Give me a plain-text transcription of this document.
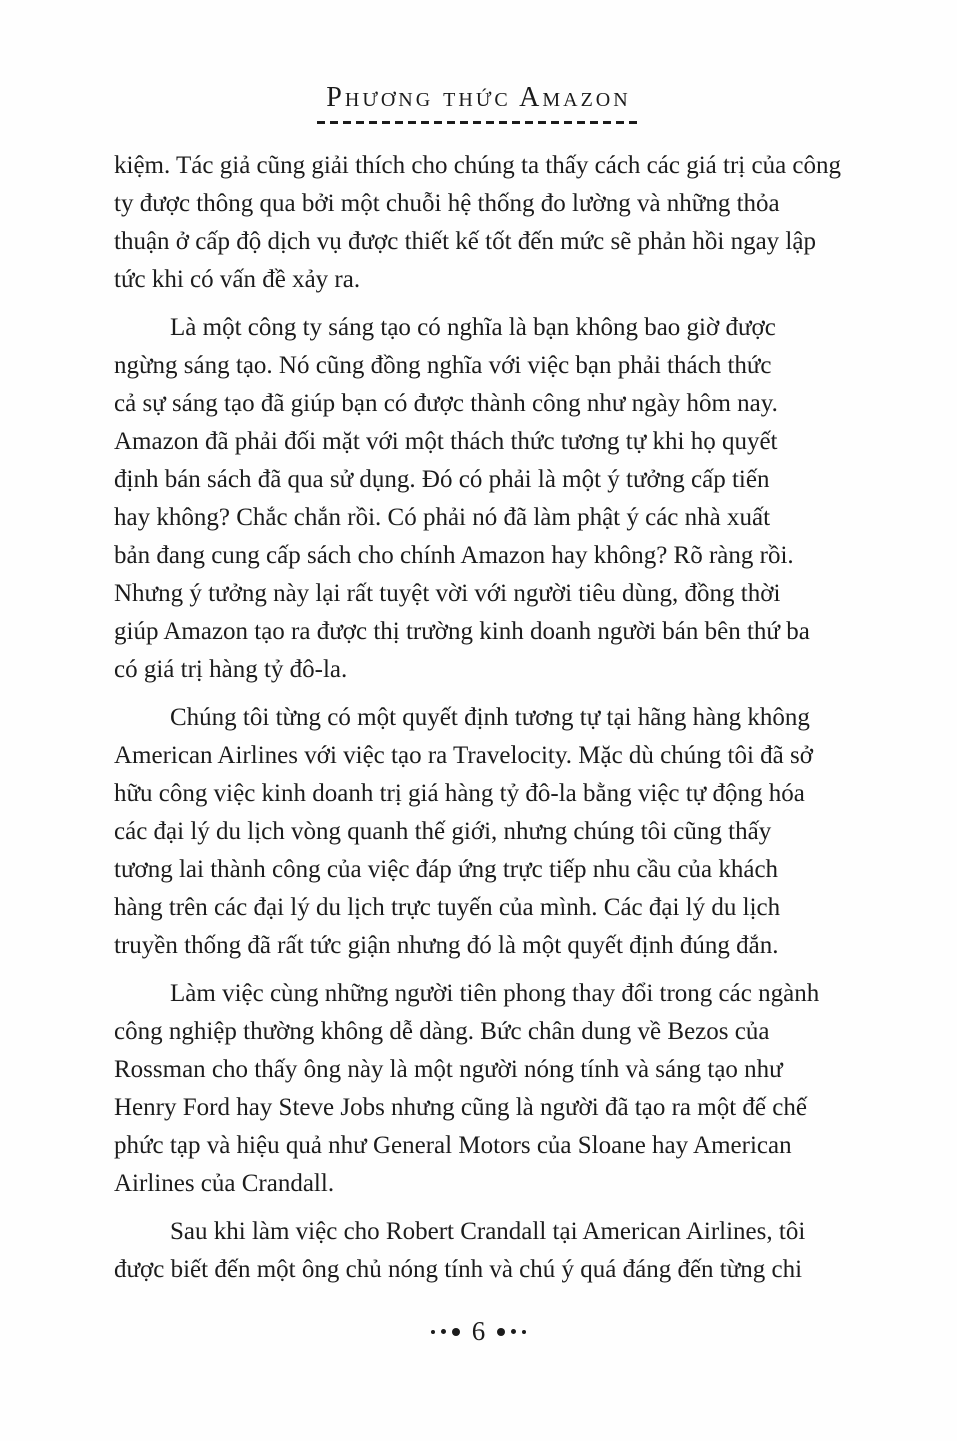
Phương thức Amazon
kiệm. Tác giả cũng giải thích cho chúng ta thấy cách các giá trị của công
ty được thông qua bởi một chuỗi hệ thống đo lường và những thỏa
thuận ở cấp độ dịch vụ được thiết kế tốt đến mức sẽ phản hồi ngay lập
tức khi có vấn đề xảy ra.
Là một công ty sáng tạo có nghĩa là bạn không bao giờ được
ngừng sáng tạo. Nó cũng đồng nghĩa với việc bạn phải thách thức
cả sự sáng tạo đã giúp bạn có được thành công như ngày hôm nay.
Amazon đã phải đối mặt với một thách thức tương tự khi họ quyết
định bán sách đã qua sử dụng. Đó có phải là một ý tưởng cấp tiến
hay không? Chắc chắn rồi. Có phải nó đã làm phật ý các nhà xuất
bản đang cung cấp sách cho chính Amazon hay không? Rõ ràng rồi.
Nhưng ý tưởng này lại rất tuyệt vời với người tiêu dùng, đồng thời
giúp Amazon tạo ra được thị trường kinh doanh người bán bên thứ ba
có giá trị hàng tỷ đô-la.
Chúng tôi từng có một quyết định tương tự tại hãng hàng không
American Airlines với việc tạo ra Travelocity. Mặc dù chúng tôi đã sở
hữu công việc kinh doanh trị giá hàng tỷ đô-la bằng việc tự động hóa
các đại lý du lịch vòng quanh thế giới, nhưng chúng tôi cũng thấy
tương lai thành công của việc đáp ứng trực tiếp nhu cầu của khách
hàng trên các đại lý du lịch trực tuyến của mình. Các đại lý du lịch
truyền thống đã rất tức giận nhưng đó là một quyết định đúng đắn.
Làm việc cùng những người tiên phong thay đổi trong các ngành
công nghiệp thường không dễ dàng. Bức chân dung về Bezos của
Rossman cho thấy ông này là một người nóng tính và sáng tạo như
Henry Ford hay Steve Jobs nhưng cũng là người đã tạo ra một đế chế
phức tạp và hiệu quả như General Motors của Sloane hay American
Airlines của Crandall.
Sau khi làm việc cho Robert Crandall tại American Airlines, tôi
được biết đến một ông chủ nóng tính và chú ý quá đáng đến từng chi
6
